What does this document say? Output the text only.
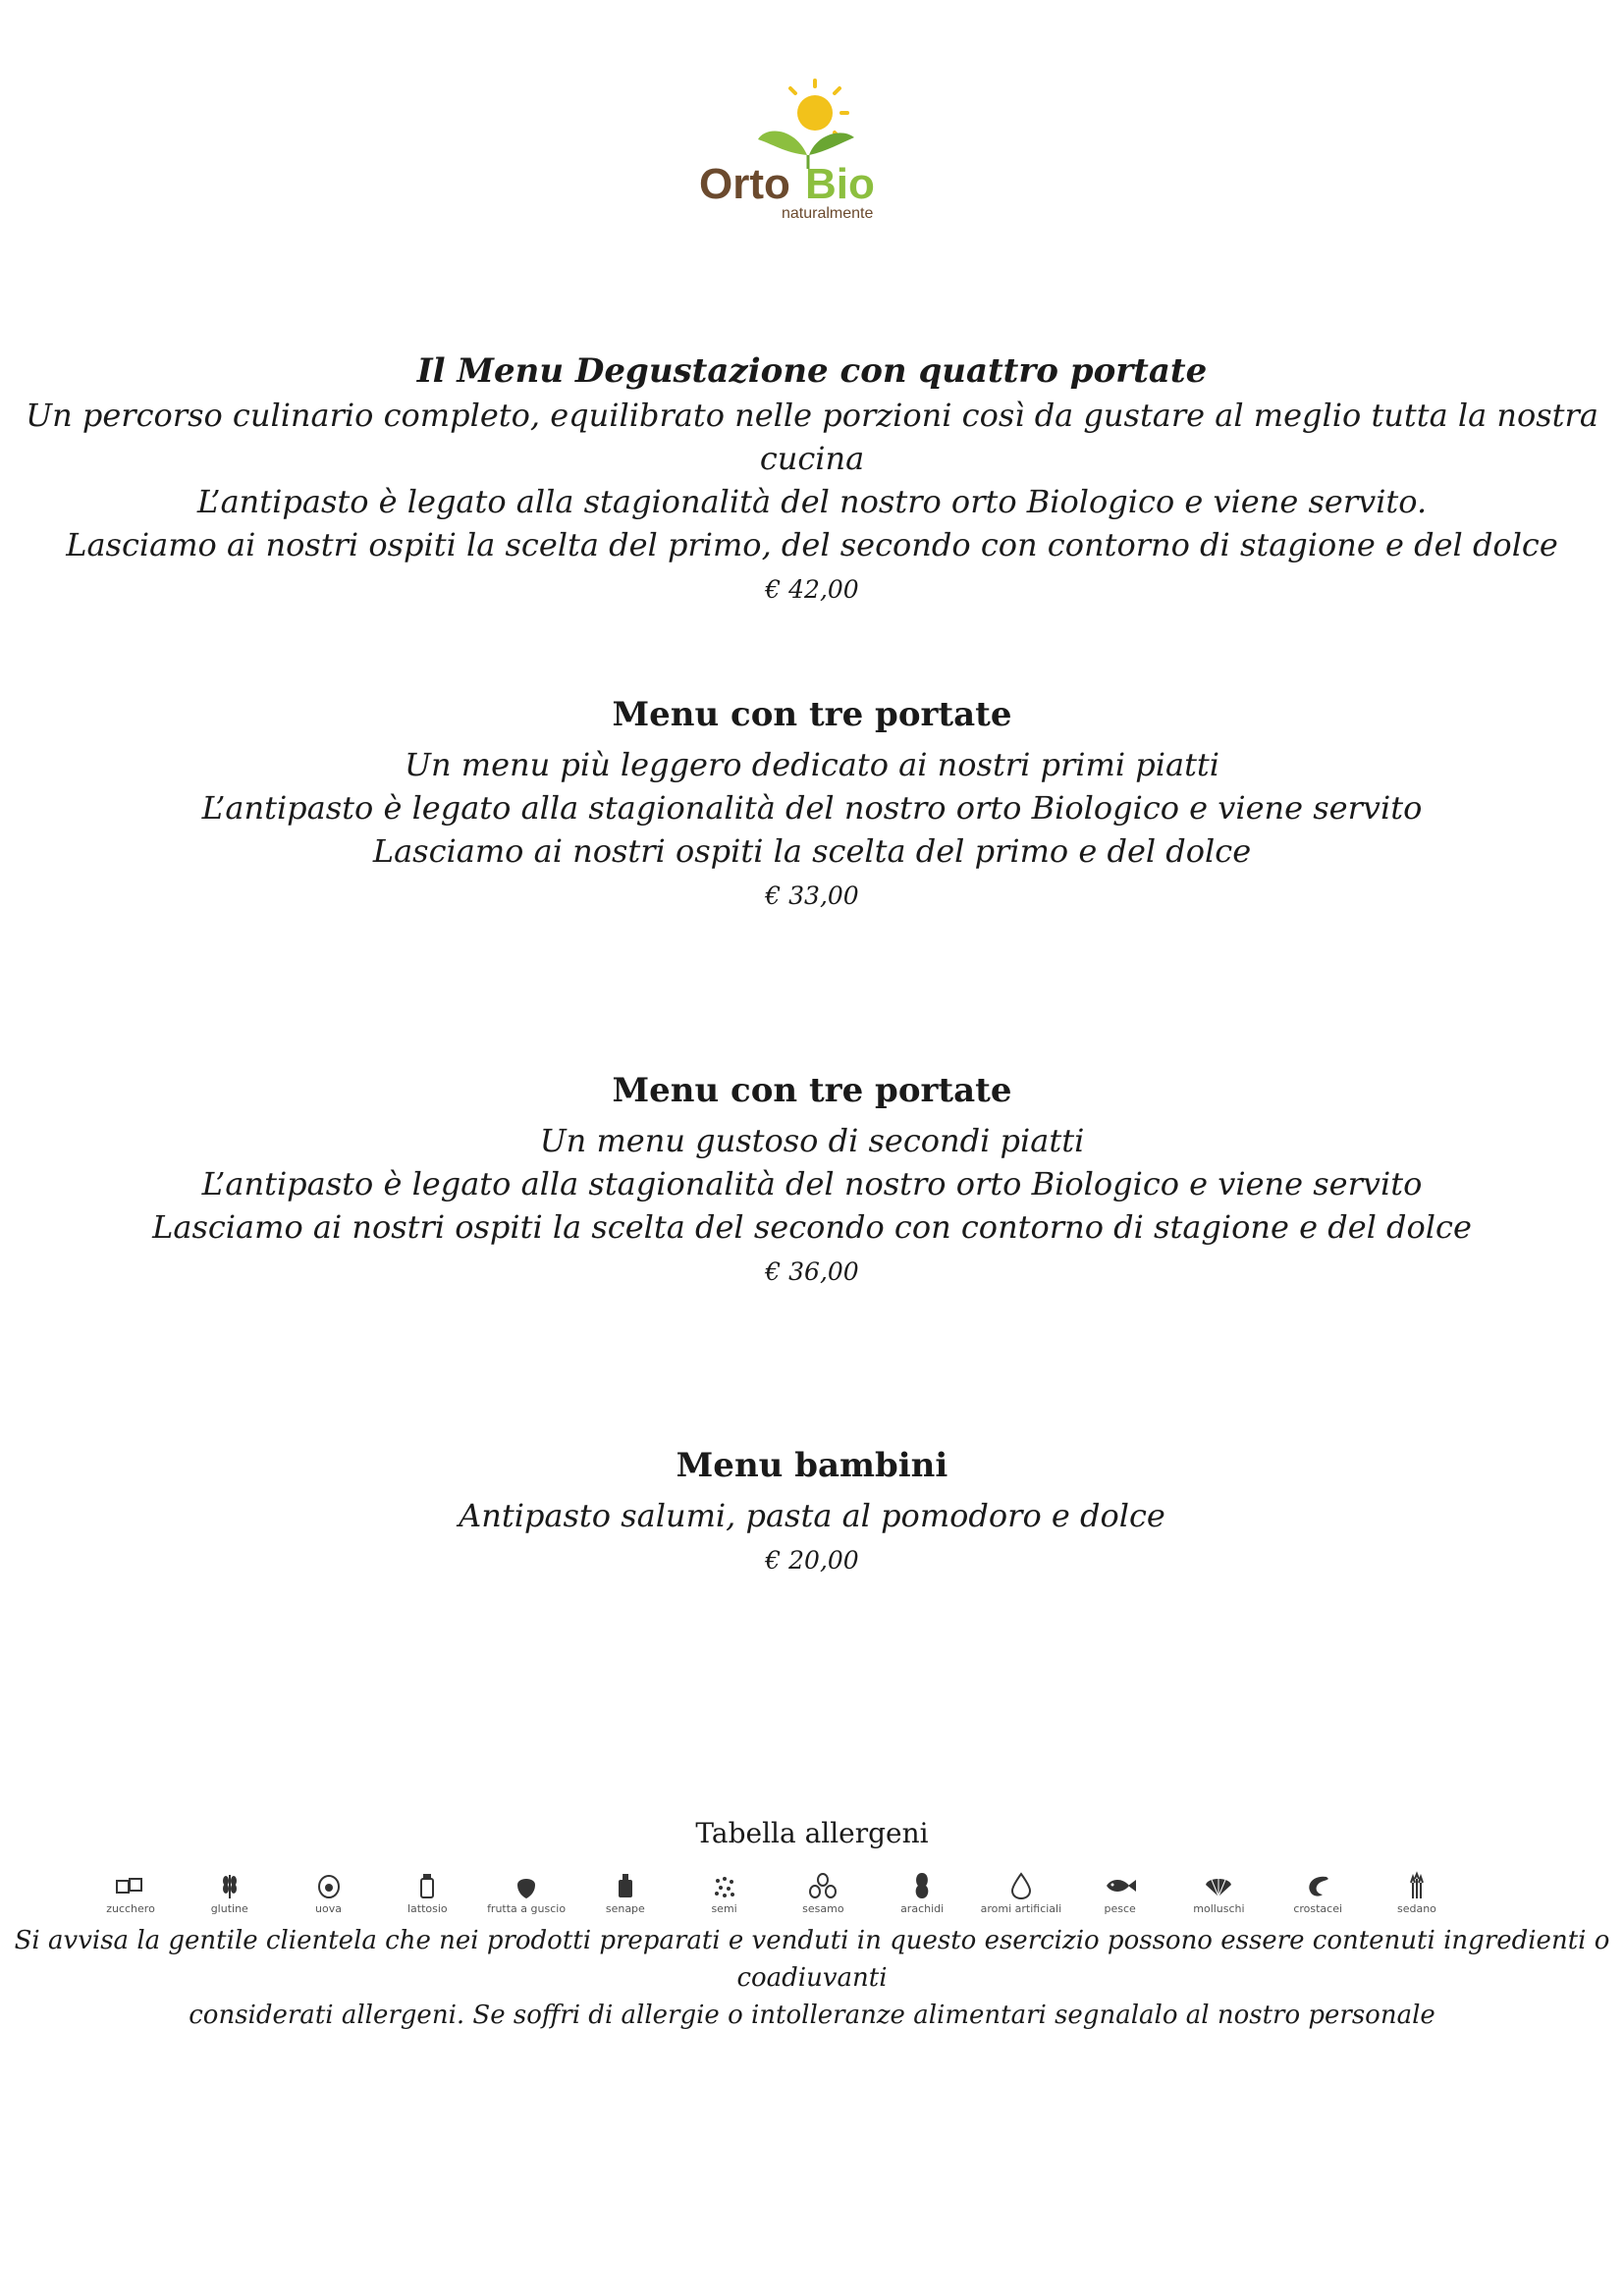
Orto Bio
naturalmente

Il Menu Degustazione con quattro portate

Un percorso culinario completo, equilibrato nelle porzioni così da gustare al meglio tutta la nostra cucina

L’antipasto è legato alla stagionalità del nostro orto Biologico e viene servito.

Lasciamo ai nostri ospiti la scelta del primo, del secondo con contorno di stagione e del dolce

€ 42,00

Menu con tre portate

Un menu più leggero dedicato ai nostri primi piatti

L’antipasto è legato alla stagionalità del nostro orto Biologico e viene servito

Lasciamo ai nostri ospiti la scelta del primo e del dolce

€ 33,00

Menu con tre portate

Un menu gustoso di secondi piatti

L’antipasto è legato alla stagionalità del nostro orto Biologico e viene servito

Lasciamo ai nostri ospiti la scelta del secondo con contorno di stagione e del dolce

€ 36,00

Menu bambini

Antipasto salumi, pasta al pomodoro e dolce

€ 20,00

Tabella allergeni
zucchero	glutine	uova	lattosio	frutta a guscio	senape	semi	sesamo	arachidi	aromi artificiali	pesce	molluschi	crostacei	sedano
Si avvisa la gentile clientela che nei prodotti preparati e venduti in questo esercizio possono essere contenuti ingredienti o coadiuvanti
considerati allergeni. Se soffri di allergie o intolleranze alimentari segnalalo al nostro personale
